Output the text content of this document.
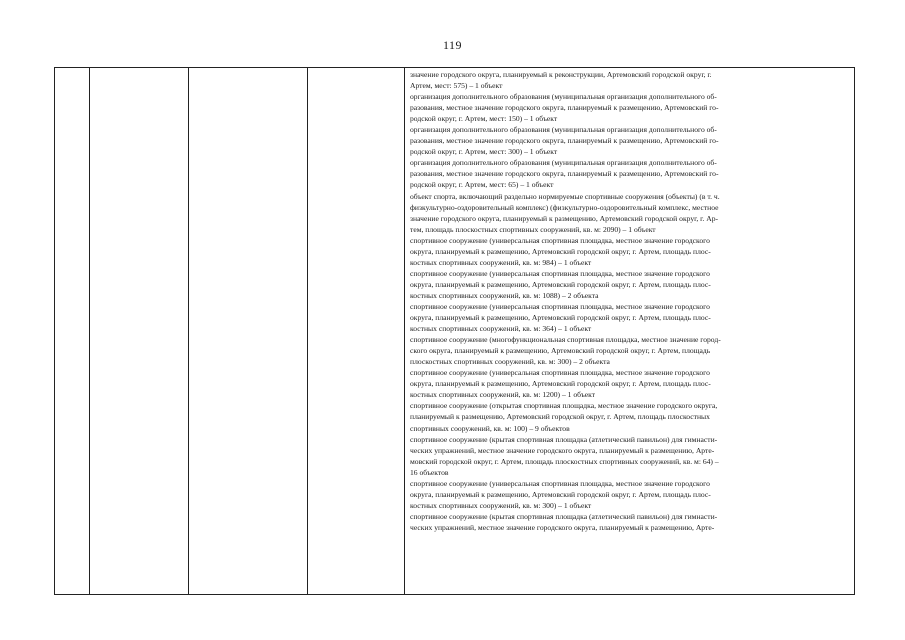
119

значение городского округа, планируемый к реконструкции, Артемовский городской округ, г.
Артем, мест: 575) – 1 объект
организация дополнительного образования (муниципальная организация дополнительного об-
разования, местное значение городского округа, планируемый к размещению, Артемовский го-
родской округ, г. Артем, мест: 150) – 1 объект
организация дополнительного образования (муниципальная организация дополнительного об-
разования, местное значение городского округа, планируемый к размещению, Артемовский го-
родской округ, г. Артем, мест: 300) – 1 объект
организация дополнительного образования (муниципальная организация дополнительного об-
разования, местное значение городского округа, планируемый к размещению, Артемовский го-
родской округ, г. Артем, мест: 65) – 1 объект
объект спорта, включающий раздельно нормируемые спортивные сооружения (объекты) (в т. ч.
физкультурно-оздоровительный комплекс) (физкультурно-оздоровительный комплекс, местное
значение городского округа, планируемый к размещению, Артемовский городской округ, г. Ар-
тем, площадь плоскостных спортивных сооружений, кв. м: 2090) – 1 объект
спортивное сооружение (универсальная спортивная площадка, местное значение городского
округа, планируемый к размещению, Артемовский городской округ, г. Артем, площадь плос-
костных спортивных сооружений, кв. м: 984) – 1 объект
спортивное сооружение (универсальная спортивная площадка, местное значение городского
округа, планируемый к размещению, Артемовский городской округ, г. Артем, площадь плос-
костных спортивных сооружений, кв. м: 1088) – 2 объекта
спортивное сооружение (универсальная спортивная площадка, местное значение городского
округа, планируемый к размещению, Артемовский городской округ, г. Артем, площадь плос-
костных спортивных сооружений, кв. м: 364) – 1 объект
спортивное сооружение (многофункциональная спортивная площадка, местное значение город-
ского округа, планируемый к размещению, Артемовский городской округ, г. Артем, площадь
плоскостных спортивных сооружений, кв. м: 300) – 2 объекта
спортивное сооружение (универсальная спортивная площадка, местное значение городского
округа, планируемый к размещению, Артемовский городской округ, г. Артем, площадь плос-
костных спортивных сооружений, кв. м: 1200) – 1 объект
спортивное сооружение (открытая спортивная площадка, местное значение городского округа,
планируемый к размещению, Артемовский городской округ, г. Артем, площадь плоскостных
спортивных сооружений, кв. м: 100) – 9 объектов
спортивное сооружение (крытая спортивная площадка (атлетический павильон) для гимнасти-
ческих упражнений, местное значение городского округа, планируемый к размещению, Арте-
мовский городской округ, г. Артем, площадь плоскостных спортивных сооружений, кв. м: 64) –
16 объектов
спортивное сооружение (универсальная спортивная площадка, местное значение городского
округа, планируемый к размещению, Артемовский городской округ, г. Артем, площадь плос-
костных спортивных сооружений, кв. м: 300) – 1 объект
спортивное сооружение (крытая спортивная площадка (атлетический павильон) для гимнасти-
ческих упражнений, местное значение городского округа, планируемый к размещению, Арте-
